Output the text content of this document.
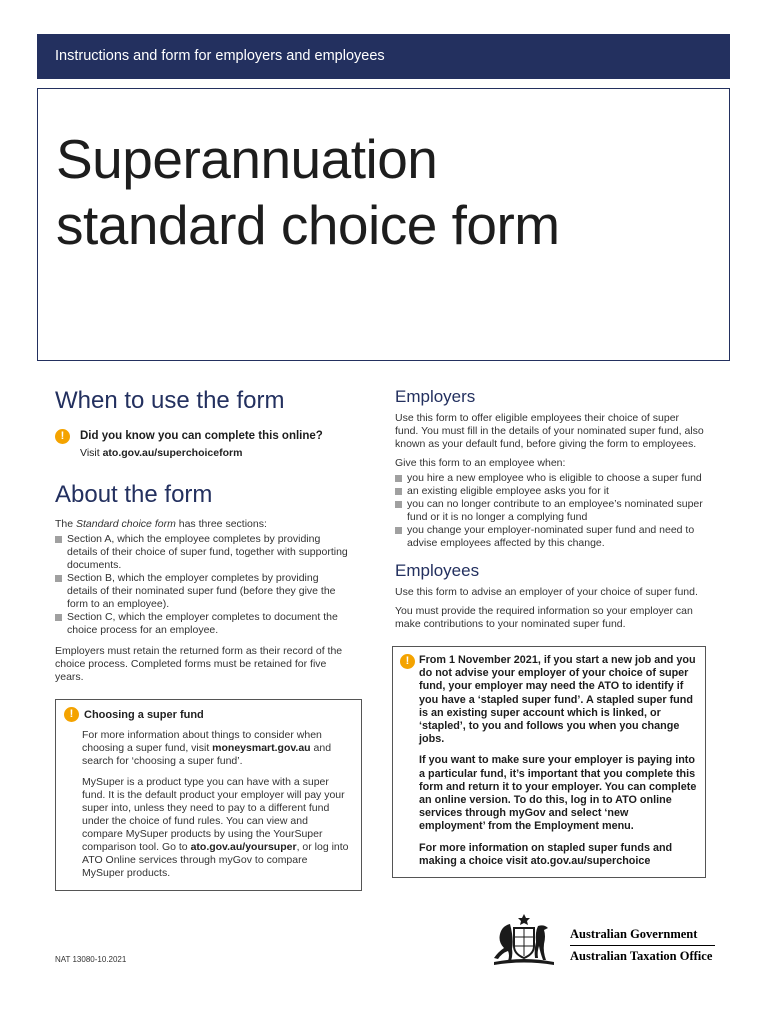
Instructions and form for employers and employees
Superannuation
standard choice form
When to use the form
!	Did you know you can complete this online?
Visit ato.gov.au/superchoiceform
About the form

The Standard choice form has three sections:

Section A, which the employee completes by providing details of their choice of super fund, together with supporting documents.
Section B, which the employer completes by providing details of their nominated super fund (before they give the form to an employee).
Section C, which the employer completes to document the choice process for an employee.

Employers must retain the returned form as their record of the choice process. Completed forms must be retained for five years.

! Choosing a super fund

For more information about things to consider when choosing a super fund, visit moneysmart.gov.au and search for ‘choosing a super fund’.

MySuper is a product type you can have with a super fund. It is the default product your employer will pay your super into, unless they need to pay to a different fund under the choice of fund rules. You can view and compare MySuper products by using the YourSuper comparison tool. Go to ato.gov.au/yoursuper, or log into ATO Online services through myGov to compare MySuper products.

Employers

Use this form to offer eligible employees their choice of super fund. You must fill in the details of your nominated super fund, also known as your default fund, before giving the form to employees.

Give this form to an employee when:

you hire a new employee who is eligible to choose a super fund
an existing eligible employee asks you for it
you can no longer contribute to an employee’s nominated super fund or it is no longer a complying fund
you change your employer-nominated super fund and need to advise employees affected by this change.
Employees

Use this form to advise an employer of your choice of super fund.

You must provide the required information so your employer can make contributions to your nominated super fund.

! From 1 November 2021, if you start a new job and you do not advise your employer of your choice of super fund, your employer may need the ATO to identify if you have a ‘stapled super fund’. A stapled super fund is an existing super account which is linked, or ‘stapled’, to you and follows you when you change jobs.

If you want to make sure your employer is paying into a particular fund, it’s important that you complete this form and return it to your employer. You can complete an online version. To do this, log in to ATO online services through myGov and select ‘new employment’ from the Employment menu.

For more information on stapled super funds and making a choice visit ato.gov.au/superchoice

NAT 13080-10.2021
Australian Government
Australian Taxation Office
